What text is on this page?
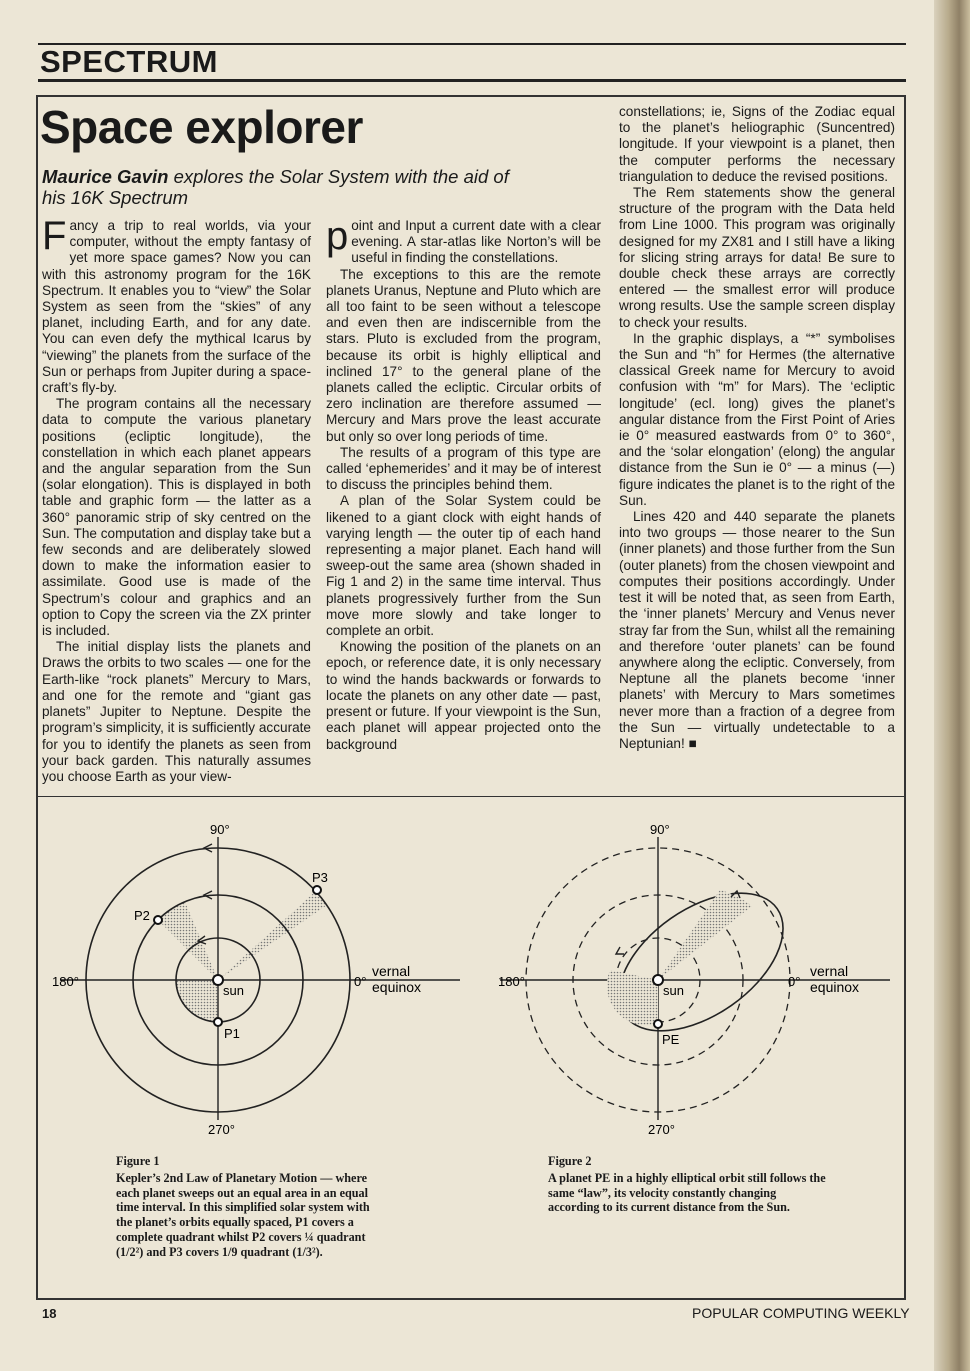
SPECTRUM
Space explorer
Maurice Gavin explores the Solar System with the aid of his 16K Spectrum

Fancy a trip to real worlds, via your computer, without the empty fantasy of yet more space games? Now you can with this astronomy program for the 16K Spectrum. It enables you to “view” the Solar System as seen from the “skies” of any planet, including Earth, and for any date. You can even defy the mythical Icarus by “viewing” the planets from the surface of the Sun or perhaps from Jupiter during a space-craft’s fly-by.

The program contains all the necessary data to compute the various planetary positions (ecliptic longitude), the constellation in which each planet appears and the angular separation from the Sun (solar elongation). This is displayed in both table and graphic form — the latter as a 360° panoramic strip of sky centred on the Sun. The computation and display take but a few seconds and are deliberately slowed down to make the information easier to assimilate. Good use is made of the Spectrum’s colour and graphics and an option to Copy the screen via the ZX printer is included.

The initial display lists the planets and Draws the orbits to two scales — one for the Earth-like “rock planets” Mercury to Mars, and one for the remote and “giant gas planets” Jupiter to Neptune. Despite the program’s simplicity, it is sufficiently accurate for you to identify the planets as seen from your back garden. This naturally assumes you choose Earth as your view-

point and Input a current date with a clear evening. A star-atlas like Norton’s will be useful in finding the constellations.

The exceptions to this are the remote planets Uranus, Neptune and Pluto which are all too faint to be seen without a telescope and even then are indiscernible from the stars. Pluto is excluded from the program, because its orbit is highly elliptical and inclined 17° to the general plane of the planets called the ecliptic. Circular orbits of zero inclination are therefore assumed — Mercury and Mars prove the least accurate but only so over long periods of time.

The results of a program of this type are called ‘ephemerides’ and it may be of interest to discuss the principles behind them.

A plan of the Solar System could be likened to a giant clock with eight hands of varying length — the outer tip of each hand representing a major planet. Each hand will sweep-out the same area (shown shaded in Fig 1 and 2) in the same time interval. Thus planets progressively further from the Sun move more slowly and take longer to complete an orbit.

Knowing the position of the planets on an epoch, or reference date, it is only necessary to wind the hands backwards or forwards to locate the planets on any other date — past, present or future. If your viewpoint is the Sun, each planet will appear projected onto the background

constellations; ie, Signs of the Zodiac equal to the planet’s heliographic (Suncentred) longitude. If your viewpoint is a planet, then the computer performs the necessary triangulation to deduce the revised positions.

The Rem statements show the general structure of the program with the Data held from Line 1000. This program was originally designed for my ZX81 and I still have a liking for slicing string arrays for data! Be sure to double check these arrays are correctly entered — the smallest error will produce wrong results. Use the sample screen display to check your results.

In the graphic displays, a “*” symbolises the Sun and “h” for Hermes (the alternative classical Greek name for Mercury to avoid confusion with “m” for Mars). The ‘ecliptic longitude’ (ecl. long) gives the planet’s angular distance from the First Point of Aries ie 0° measured eastwards from 0° to 360°, and the ‘solar elongation’ (elong) the angular distance from the Sun ie 0° — a minus (—) figure indicates the planet is to the right of the Sun.

Lines 420 and 440 separate the planets into two groups — those nearer to the Sun (inner planets) and those further from the Sun (outer planets) from the chosen viewpoint and computes their positions accordingly. Under test it will be noted that, as seen from Earth, the ‘inner planets’ Mercury and Venus never stray far from the Sun, whilst all the remaining and therefore ‘outer planets’ can be found anywhere along the ecliptic. Conversely, from Neptune all the planets become ‘inner planets’ with Mercury to Mars sometimes never more than a fraction of a degree from the Sun — virtually undetectable to a Neptunian! ■

90°
270°
180°	0°
vernal
equinox
sun
P1
P2
P3
90°
270°
180°	0°
vernal
equinox
sun
PE
Figure 1
Kepler’s 2nd Law of Planetary Motion — where each planet sweeps out an equal area in an equal time interval. In this simplified solar system with the planet’s orbits equally spaced, P1 covers a complete quadrant whilst P2 covers ¼ quadrant (1/2²) and P3 covers 1/9 quadrant (1/3²).
Figure 2
A planet PE in a highly elliptical orbit still follows the same “law”, its velocity constantly changing according to its current distance from the Sun.
18	POPULAR COMPUTING WEEKLY
